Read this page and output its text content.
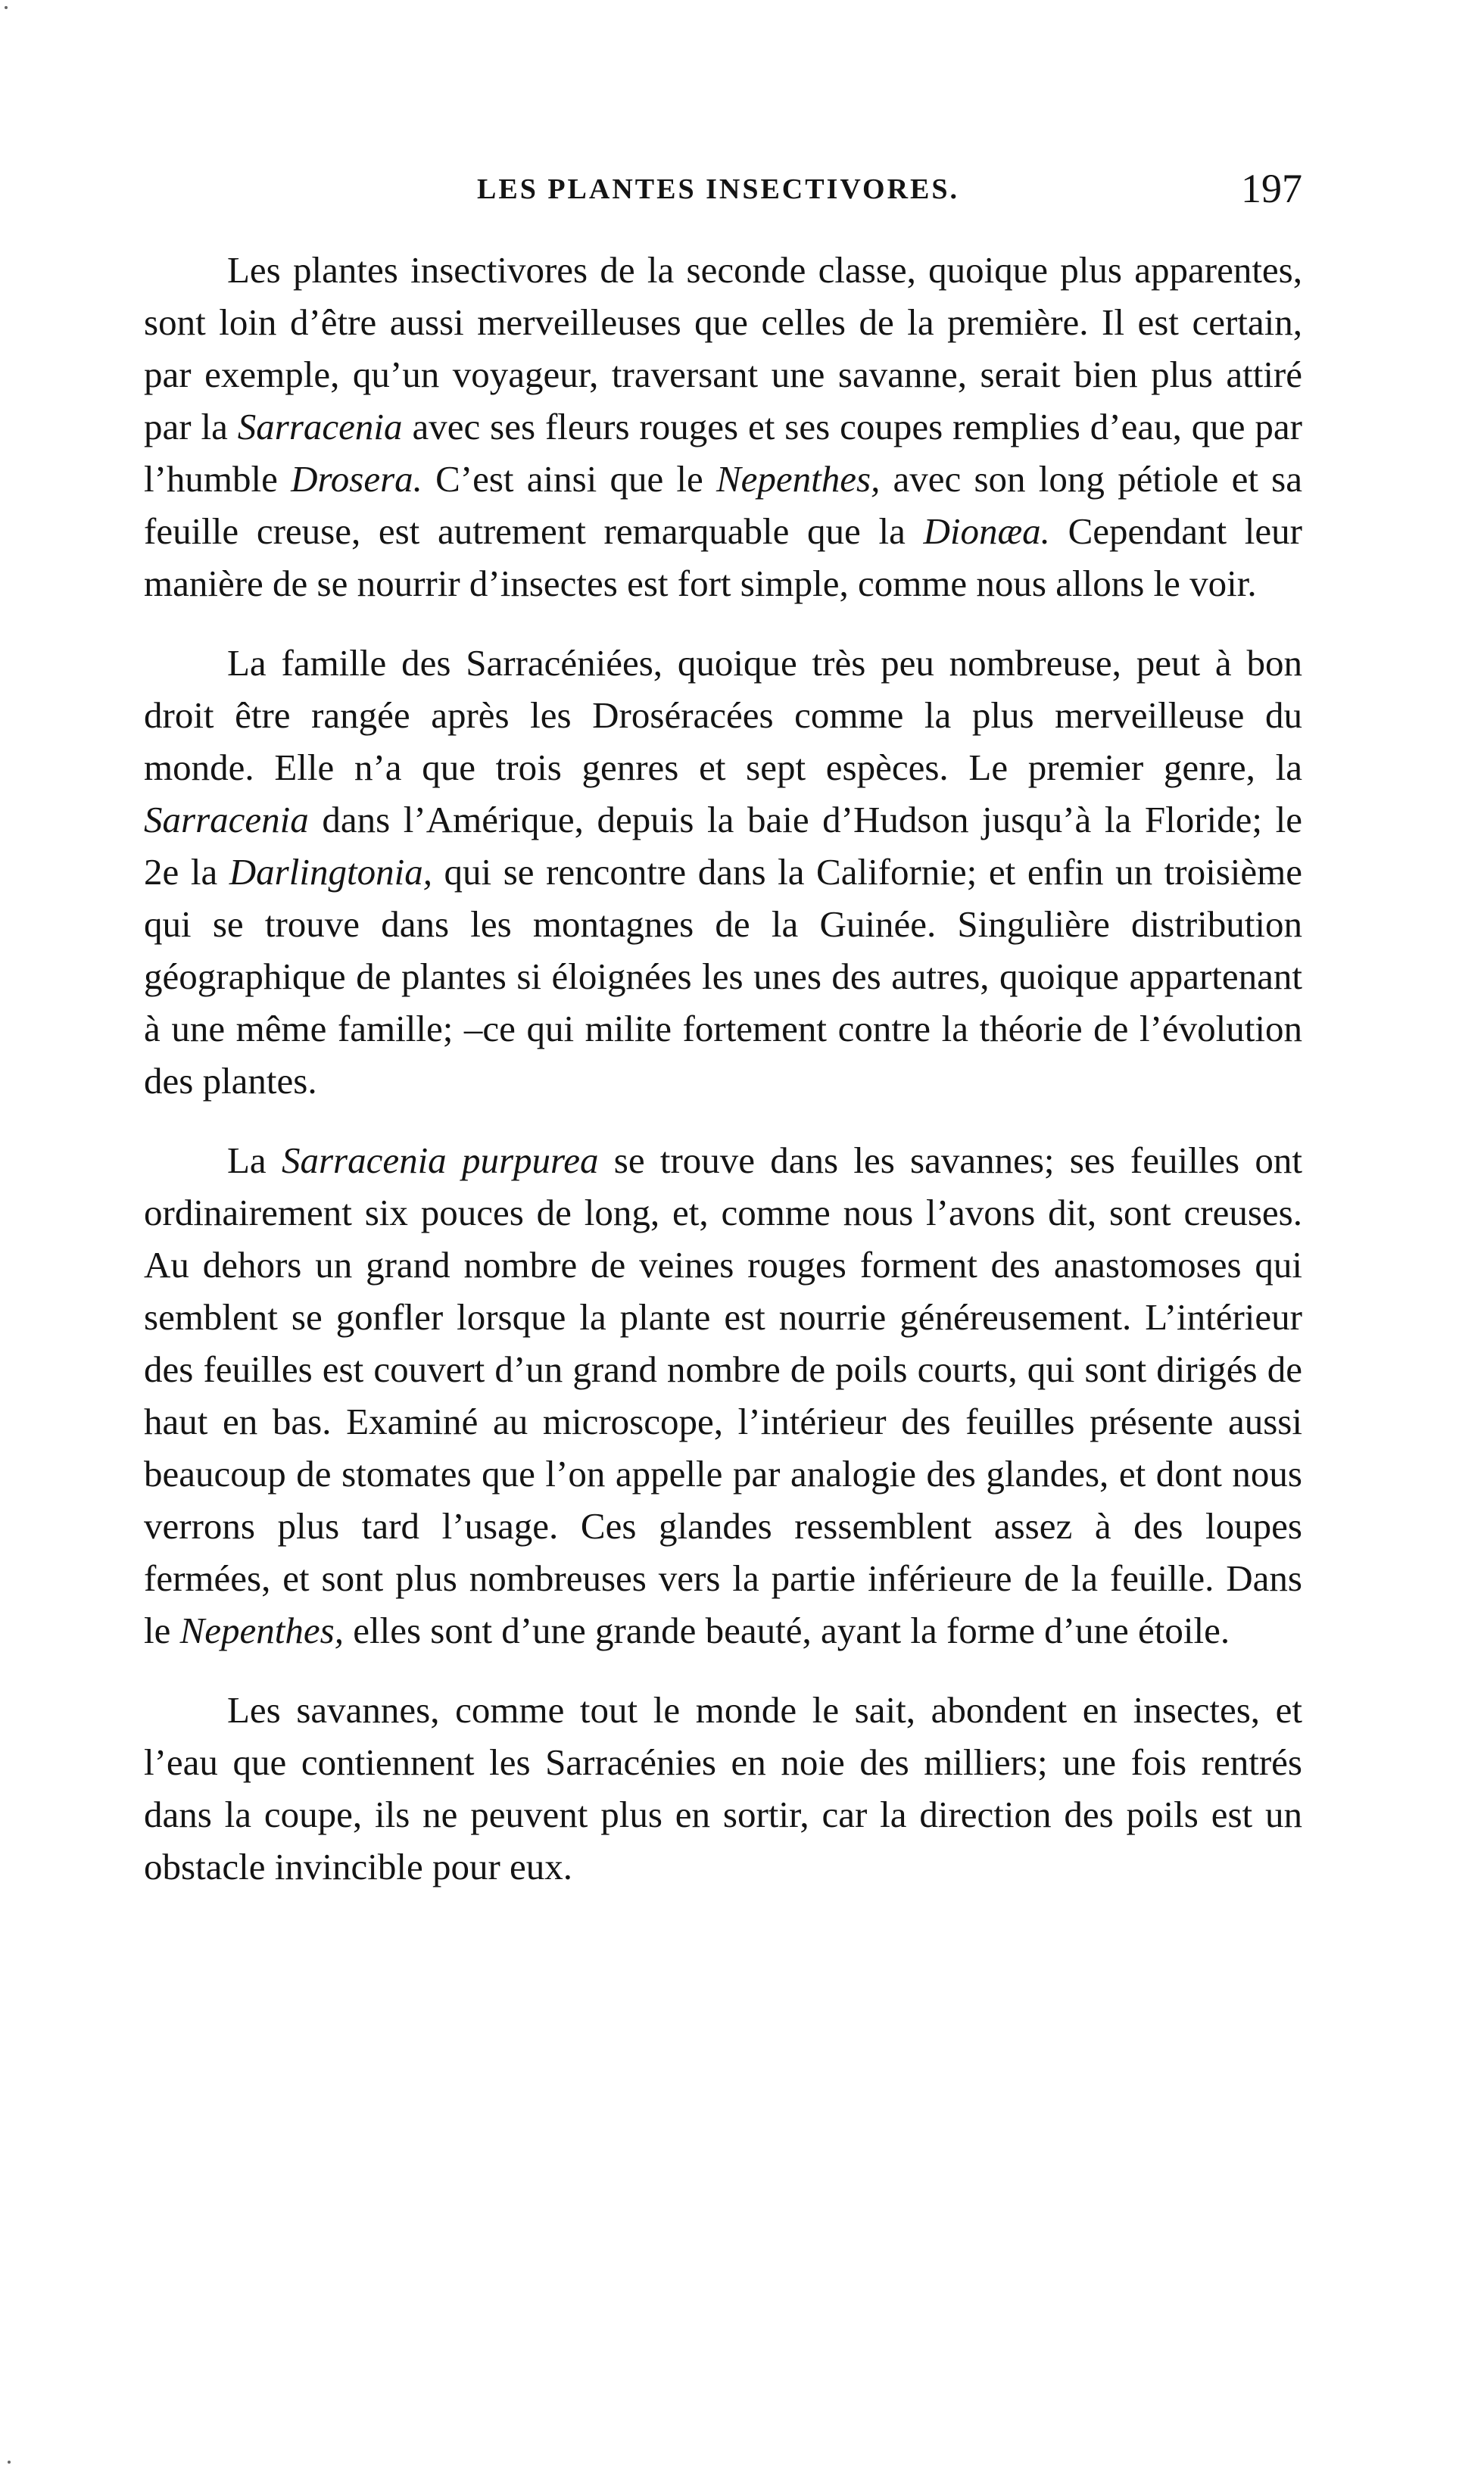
LES PLANTES INSECTIVORES.	197

Les plantes insectivores de la seconde classe, quoique plus apparentes, sont loin d’être aussi merveilleuses que celles de la première. Il est certain, par exemple, qu’un voyageur, traversant une savanne, serait bien plus attiré par la Sarracenia avec ses fleurs rouges et ses coupes remplies d’eau, que par l’humble Drosera. C’est ainsi que le Nepenthes, avec son long pétiole et sa feuille creuse, est autrement remarquable que la Dionæa. Cependant leur manière de se nourrir d’insectes est fort simple, comme nous allons le voir.

La famille des Sarracéniées, quoique très peu nombreuse, peut à bon droit être rangée après les Droséracées comme la plus merveilleuse du monde. Elle n’a que trois genres et sept espèces. Le premier genre, la Sarracenia dans l’Amérique, depuis la baie d’Hudson jusqu’à la Floride; le 2e la Darlingtonia, qui se rencontre dans la Californie; et enfin un troisième qui se trouve dans les montagnes de la Guinée. Singulière distribution géographique de plantes si éloignées les unes des autres, quoique appartenant à une même famille; –ce qui milite fortement contre la théorie de l’évolution des plantes.

La Sarracenia purpurea se trouve dans les savannes; ses feuilles ont ordinairement six pouces de long, et, comme nous l’avons dit, sont creuses. Au dehors un grand nombre de veines rouges forment des anastomoses qui semblent se gonfler lorsque la plante est nourrie généreusement. L’intérieur des feuilles est couvert d’un grand nombre de poils courts, qui sont dirigés de haut en bas. Examiné au microscope, l’intérieur des feuilles présente aussi beaucoup de stomates que l’on appelle par analogie des glandes, et dont nous verrons plus tard l’usage. Ces glandes ressemblent assez à des loupes fermées, et sont plus nombreuses vers la partie inférieure de la feuille. Dans le Nepenthes, elles sont d’une grande beauté, ayant la forme d’une étoile.

Les savannes, comme tout le monde le sait, abondent en insectes, et l’eau que contiennent les Sarracénies en noie des milliers; une fois rentrés dans la coupe, ils ne peuvent plus en sortir, car la direction des poils est un obstacle invincible pour eux.
